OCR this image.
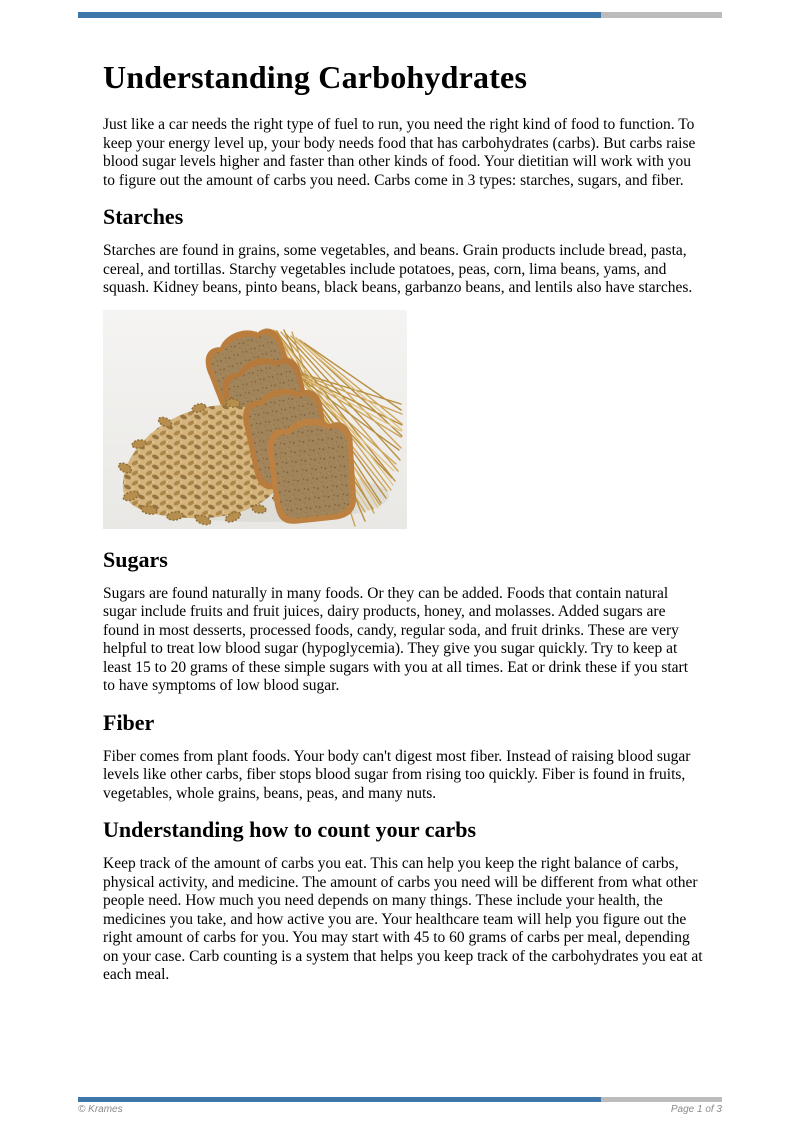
Understanding Carbohydrates

Just like a car needs the right type of fuel to run, you need the right kind of food to function. To keep your energy level up, your body needs food that has carbohydrates (carbs). But carbs raise blood sugar levels higher and faster than other kinds of food. Your dietitian will work with you to figure out the amount of carbs you need. Carbs come in 3 types: starches, sugars, and fiber.

Starches

Starches are found in grains, some vegetables, and beans. Grain products include bread, pasta, cereal, and tortillas. Starchy vegetables include potatoes, peas, corn, lima beans, yams, and squash. Kidney beans, pinto beans, black beans, garbanzo beans, and lentils also have starches.

Sugars

Sugars are found naturally in many foods. Or they can be added. Foods that contain natural sugar include fruits and fruit juices, dairy products, honey, and molasses. Added sugars are found in most desserts, processed foods, candy, regular soda, and fruit drinks. These are very helpful to treat low blood sugar (hypoglycemia). They give you sugar quickly. Try to keep at least 15 to 20 grams of these simple sugars with you at all times. Eat or drink these if you start to have symptoms of low blood sugar.

Fiber

Fiber comes from plant foods. Your body can't digest most fiber. Instead of raising blood sugar levels like other carbs, fiber stops blood sugar from rising too quickly. Fiber is found in fruits, vegetables, whole grains, beans, peas, and many nuts.

Understanding how to count your carbs

Keep track of the amount of carbs you eat. This can help you keep the right balance of carbs, physical activity, and medicine. The amount of carbs you need will be different from what other people need. How much you need depends on many things. These include your health, the medicines you take, and how active you are. Your healthcare team will help you figure out the right amount of carbs for you. You may start with 45 to 60 grams of carbs per meal, depending on your case. Carb counting is a system that helps you keep track of the carbohydrates you eat at each meal.

© Krames	Page 1 of 3
